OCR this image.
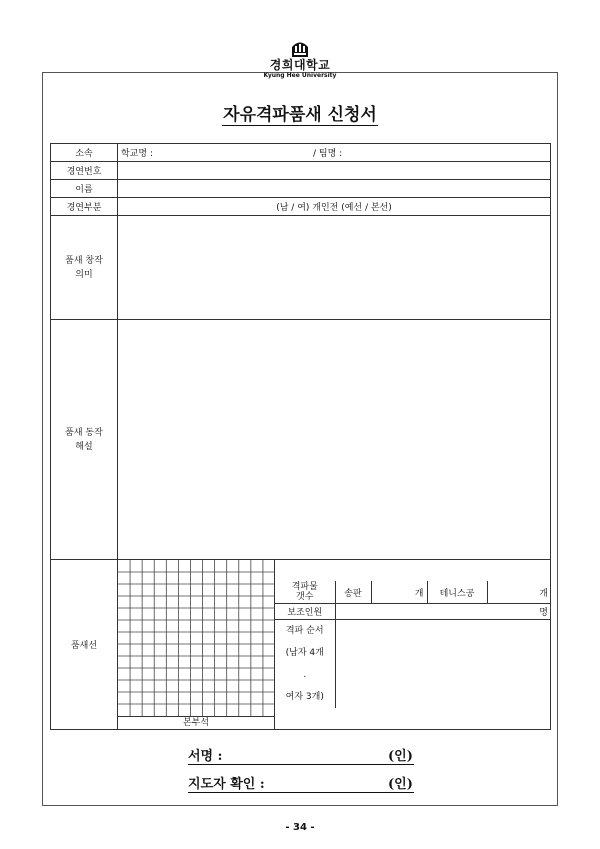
경희대학교
Kyung Hee University
자유격파품새 신청서
소속	학교명 :	/ 팀명 :
경연번호	
이름	
경연부분	(남 / 여) 개인전 (예선 / 본선)
품새 창작
의미	
품새 동작
해설	
품새선	
본부석

격파물
갯수	송판	개	테니스공	개
보조인원	명
격파 순서
(남자 4개
.
여자 3개)	
서명 :	(인)
지도자 확인 :	(인)
- 34 -
